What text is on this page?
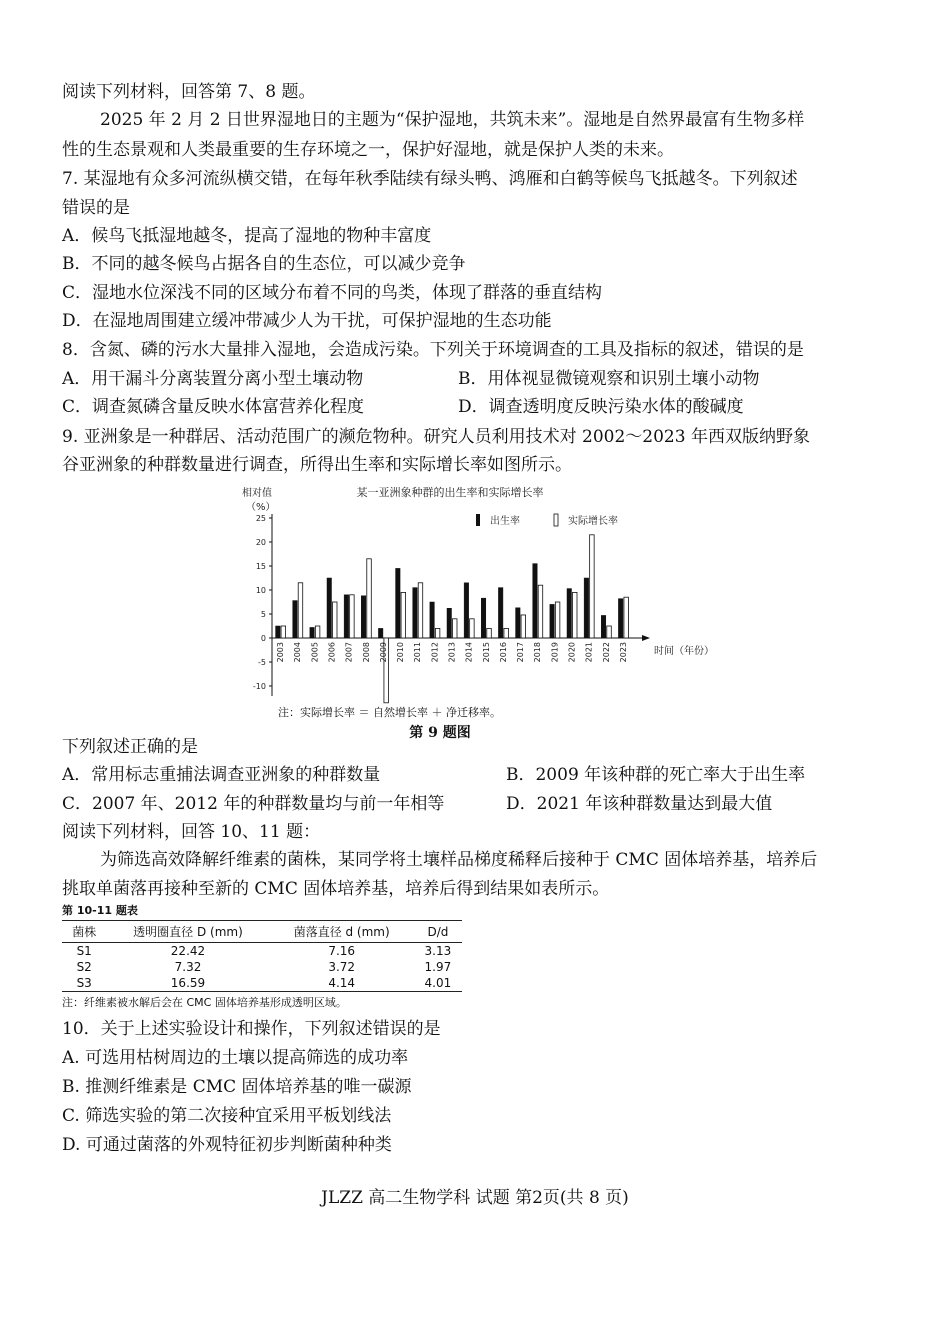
阅读下列材料，回答第 7、8 题。
2025 年 2 月 2 日世界湿地日的主题为“保护湿地，共筑未来”。湿地是自然界最富有生物多样
性的生态景观和人类最重要的生存环境之一，保护好湿地，就是保护人类的未来。
7. 某湿地有众多河流纵横交错，在每年秋季陆续有绿头鸭、鸿雁和白鹤等候鸟飞抵越冬。下列叙述
错误的是
A．候鸟飞抵湿地越冬，提高了湿地的物种丰富度
B．不同的越冬候鸟占据各自的生态位，可以减少竞争
C．湿地水位深浅不同的区域分布着不同的鸟类，体现了群落的垂直结构
D．在湿地周围建立缓冲带减少人为干扰，可保护湿地的生态功能
8．含氮、磷的污水大量排入湿地，会造成污染。下列关于环境调查的工具及指标的叙述，错误的是
A．用干漏斗分离装置分离小型土壤动物	B．用体视显微镜观察和识别土壤小动物
C．调查氮磷含量反映水体富营养化程度	D．调查透明度反映污染水体的酸碱度
9. 亚洲象是一种群居、活动范围广的濒危物种。研究人员利用技术对 2002～2023 年西双版纳野象
谷亚洲象的种群数量进行调查，所得出生率和实际增长率如图所示。
某一亚洲象种群的出生率和实际增长率
相对值
（%）
-10
-5
0
5
10
15
20
25
时间（年份）
2003 2004 2005 2006 2007 2008 2009 2010 2011 2012 2013 2014 2015 2016 2017 2018 2019 2020 2021 2022 2023
出生率	实际增长率
注：实际增长率 ＝ 自然增长率 ＋ 净迁移率。
第 9 题图
下列叙述正确的是
A．常用标志重捕法调查亚洲象的种群数量	B．2009 年该种群的死亡率大于出生率
C．2007 年、2012 年的种群数量均与前一年相等	D．2021 年该种群数量达到最大值
阅读下列材料，回答 10、11 题：
为筛选高效降解纤维素的菌株，某同学将土壤样品梯度稀释后接种于 CMC 固体培养基，培养后
挑取单菌落再接种至新的 CMC 固体培养基，培养后得到结果如表所示。
第 10-11 题表
菌株	透明圈直径 D (mm)	菌落直径 d (mm)	D/d
S1	22.42	7.16	3.13
S2	7.32	3.72	1.97
S3	16.59	4.14	4.01
注：纤维素被水解后会在 CMC 固体培养基形成透明区域。
10．关于上述实验设计和操作，下列叙述错误的是
A. 可选用枯树周边的土壤以提高筛选的成功率
B. 推测纤维素是 CMC 固体培养基的唯一碳源
C. 筛选实验的第二次接种宜采用平板划线法
D. 可通过菌落的外观特征初步判断菌种种类
JLZZ 高二生物学科 试题 第2页(共 8 页)
